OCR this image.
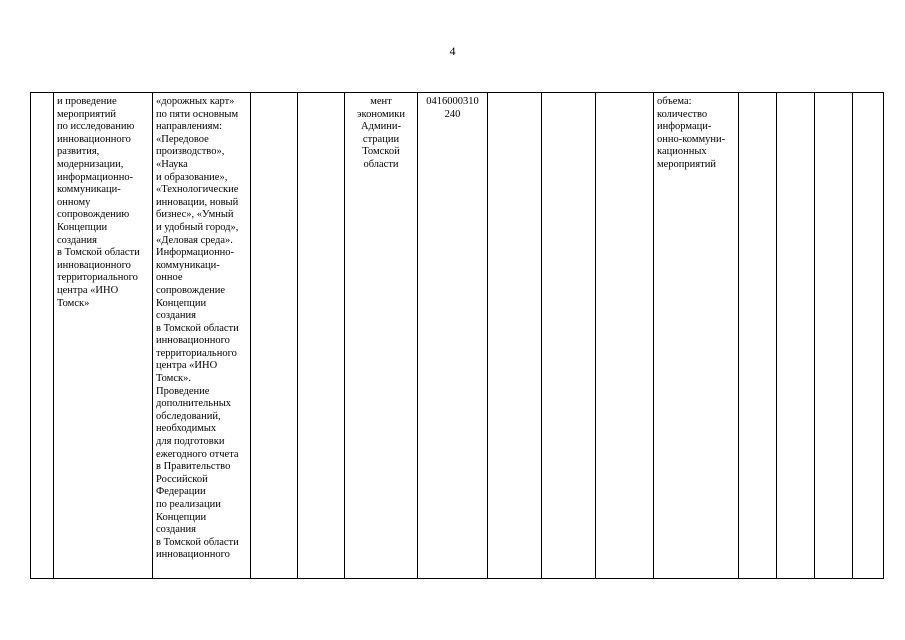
4
	и проведение
мероприятий
по исследованию
инновационного
развития,
модернизации,
информационно-
коммуникаци-
онному
сопровождению
Концепции
создания
в Томской области
инновационного
территориального
центра «ИНО
Томск»	«дорожных карт»
по пяти основным
направлениям:
«Передовое
производство»,
«Наука
и образование»,
«Технологические
инновации, новый
бизнес», «Умный
и удобный город»,
«Деловая среда».
Информационно-
коммуникаци-
онное
сопровождение
Концепции
создания
в Томской области
инновационного
территориального
центра «ИНО
Томск».
Проведение
дополнительных
обследований,
необходимых
для подготовки
ежегодного отчета
в Правительство
Российской
Федерации
по реализации
Концепции
создания
в Томской области
инновационного			мент
экономики
Админи-
страции
Томской
области	0416000310
240				объема:
количество
информаци-
онно-коммуни-
кационных
мероприятий				
